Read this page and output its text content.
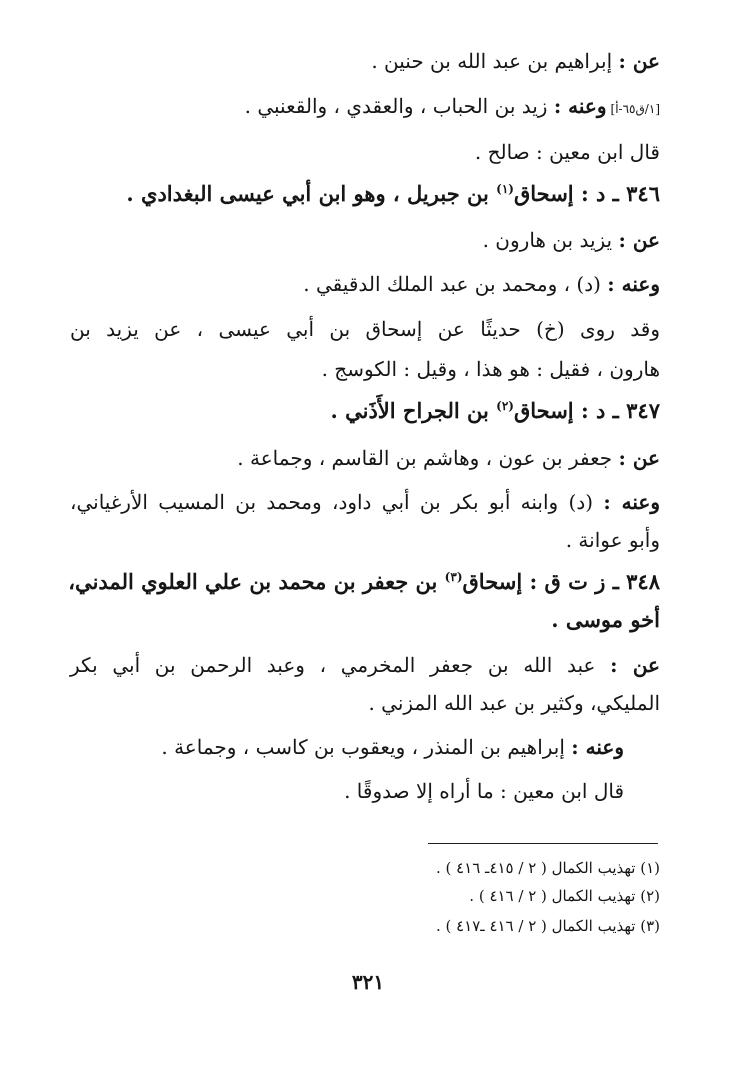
عن : إبراهيم بن عبد الله بن حنين .
[١/ق٦٥-أ]وعنه : زيد بن الحباب ، والعقدي ، والقعنبي .
قال ابن معين : صالح .
٣٤٦ ـ د : إسحاق$^{(١)}$ بن جبريل ، وهو ابن أبي عيسى البغدادي .
عن : يزيد بن هارون .
وعنه : (د) ، ومحمد بن عبد الملك الدقيقي .
وقد روى (خ) حديثًا عن إسحاق بن أبي عيسى ، عن يزيد بن
هارون ، فقيل : هو هذا ، وقيل : الكوسج .
٣٤٧ ـ د : إسحاق$^{(٢)}$ بن الجراح الأَذَني .
عن : جعفر بن عون ، وهاشم بن القاسم ، وجماعة .
وعنه : (د) وابنه أبو بكر بن أبي داود، ومحمد بن المسيب الأرغياني،
وأبو عوانة .
٣٤٨ ـ ز ت ق : إسحاق$^{(٣)}$ بن جعفر بن محمد بن علي العلوي المدني،
أخو موسى .
عن : عبد الله بن جعفر المخرمي ، وعبد الرحمن بن أبي بكر
المليكي، وكثير بن عبد الله المزني .
وعنه : إبراهيم بن المنذر ، ويعقوب بن كاسب ، وجماعة .
قال ابن معين : ما أراه إلا صدوقًا .
(١) تهذيب الكمال ( ٢ / ٤١٥ـ ٤١٦ ) .
(٢) تهذيب الكمال ( ٢ / ٤١٦ ) .
(٣) تهذيب الكمال ( ٢ / ٤١٦ ـ٤١٧ ) .
٣٢١
